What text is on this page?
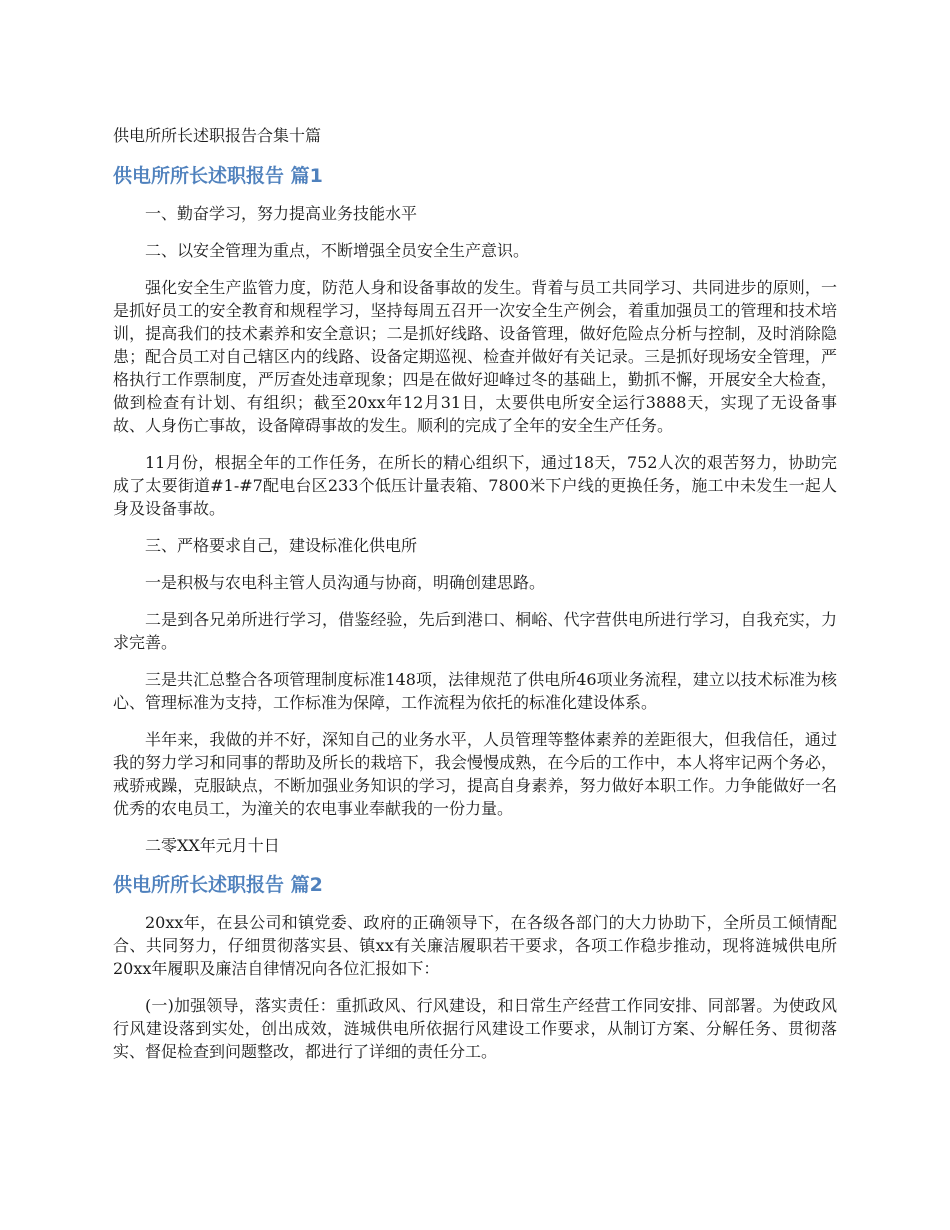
供电所所长述职报告合集十篇
供电所所长述职报告 篇1

一、勤奋学习，努力提高业务技能水平

二、以安全管理为重点，不断增强全员安全生产意识。

强化安全生产监管力度，防范人身和设备事故的发生。背着与员工共同学习、共同进步的原则，一是抓好员工的安全教育和规程学习，坚持每周五召开一次安全生产例会，着重加强员工的管理和技术培训，提高我们的技术素养和安全意识；二是抓好线路、设备管理，做好危险点分析与控制，及时消除隐患；配合员工对自己辖区内的线路、设备定期巡视、检查并做好有关记录。三是抓好现场安全管理，严格执行工作票制度，严厉查处违章现象；四是在做好迎峰过冬的基础上，勤抓不懈，开展安全大检查，做到检查有计划、有组织；截至20xx年12月31日，太要供电所安全运行3888天，实现了无设备事故、人身伤亡事故，设备障碍事故的发生。顺利的完成了全年的安全生产任务。

11月份，根据全年的工作任务，在所长的精心组织下，通过18天，752人次的艰苦努力，协助完成了太要街道#1-#7配电台区233个低压计量表箱、7800米下户线的更换任务，施工中未发生一起人身及设备事故。

三、严格要求自己，建设标准化供电所

一是积极与农电科主管人员沟通与协商，明确创建思路。

二是到各兄弟所进行学习，借鉴经验，先后到港口、桐峪、代字营供电所进行学习，自我充实，力求完善。

三是共汇总整合各项管理制度标准148项，法律规范了供电所46项业务流程，建立以技术标准为核心、管理标准为支持，工作标准为保障，工作流程为依托的标准化建设体系。

半年来，我做的并不好，深知自己的业务水平，人员管理等整体素养的差距很大，但我信任，通过我的努力学习和同事的帮助及所长的栽培下，我会慢慢成熟，在今后的工作中，本人将牢记两个务必，戒骄戒躁，克服缺点，不断加强业务知识的学习，提高自身素养，努力做好本职工作。力争能做好一名优秀的农电员工，为潼关的农电事业奉献我的一份力量。

二零XX年元月十日

供电所所长述职报告 篇2

20xx年，在县公司和镇党委、政府的正确领导下，在各级各部门的大力协助下，全所员工倾情配合、共同努力，仔细贯彻落实县、镇xx有关廉洁履职若干要求，各项工作稳步推动，现将涟城供电所20xx年履职及廉洁自律情况向各位汇报如下：

(一)加强领导，落实责任：重抓政风、行风建设，和日常生产经营工作同安排、同部署。为使政风行风建设落到实处，创出成效，涟城供电所依据行风建设工作要求，从制订方案、分解任务、贯彻落实、督促检查到问题整改，都进行了详细的责任分工。
